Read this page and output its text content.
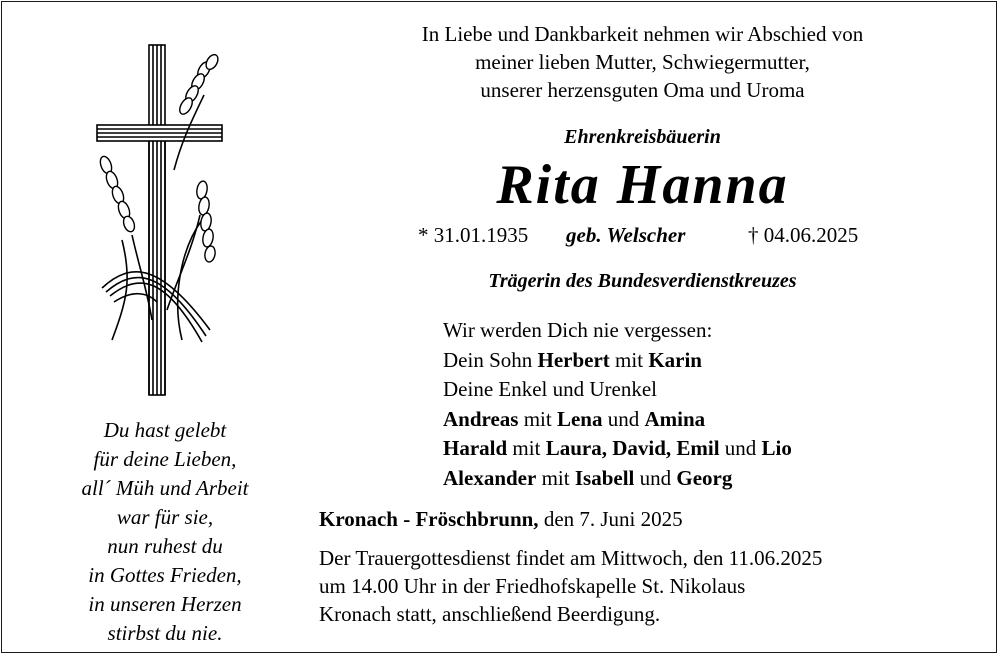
Du hast gelebt
für deine Lieben,
all´ Müh und Arbeit
war für sie,
nun ruhest du
in Gottes Frieden,
in unseren Herzen
stirbst du nie.
In Liebe und Dankbarkeit nehmen wir Abschied von
meiner lieben Mutter, Schwiegermutter,
unserer herzensguten Oma und Uroma
Ehrenkreisbäuerin
Rita Hanna
* 31.01.1935 geb. Welscher	† 04.06.2025
Trägerin des Bundesverdienstkreuzes
Wir werden Dich nie vergessen:
Dein Sohn Herbert mit Karin
Deine Enkel und Urenkel
Andreas mit Lena und Amina
Harald mit Laura, David, Emil und Lio
Alexander mit Isabell und Georg
Kronach - Fröschbrunn, den 7. Juni 2025
Der Trauergottesdienst findet am Mittwoch, den 11.06.2025
um 14.00 Uhr in der Friedhofskapelle St. Nikolaus
Kronach statt, anschließend Beerdigung.
